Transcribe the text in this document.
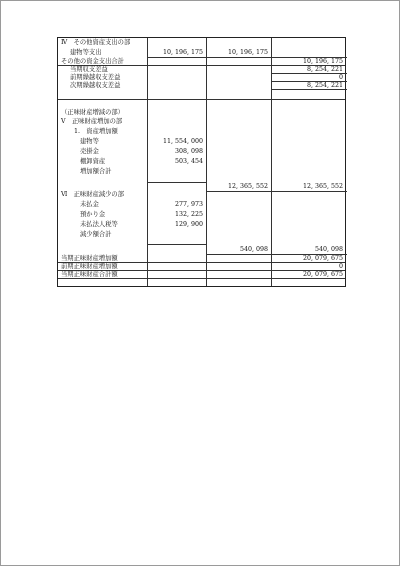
Ⅳ　その他資産支出の部
建物等支出
その他の資金支出合計
当期収支差益
前期繰越収支差益
次期繰越収支差益
（正味財産増減の部）
Ⅴ　正味財産増加の部
1.　資産増加額
建物等
売掛金
棚卸資産
増加額合計
Ⅵ　正味財産減少の部
未払金
預かり金
未払法人税等
減少額合計
当期正味財産増加額
前期正味財産増加額
当期正味財産合計額
10, 196, 175
11, 554, 000
308, 098
503, 454
277, 973
132, 225
129, 900
10, 196, 175
12, 365, 552
540, 098
10, 196, 175
8, 254, 221
0
8, 254, 221
12, 365, 552
540, 098
20, 079, 675
0
20, 079, 675
